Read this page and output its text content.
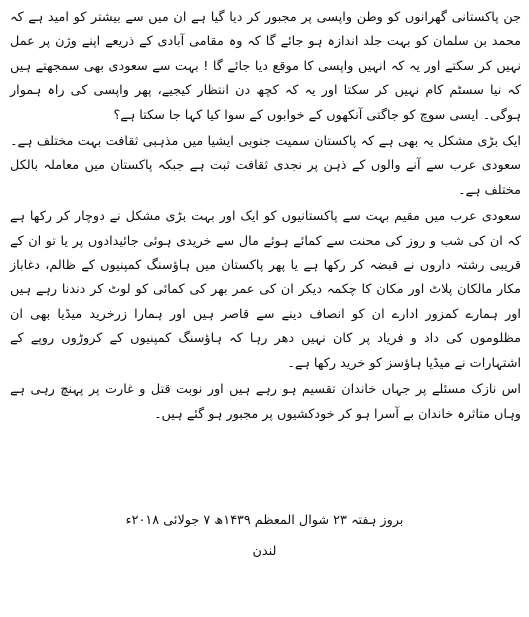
جن پاکستانی گھرانوں کو وطن واپسی پر مجبور کر دیا گیا ہے ان میں سے بیشتر کو امید ہے کہ محمد بن سلمان کو بہت جلد اندازہ ہو جائے گا کہ وہ مقامی آبادی کے ذریعے اپنے وژن پر عمل نہیں کر سکتے اور یہ کہ انہیں واپسی کا موقع دیا جائے گا ! بہت سے سعودی بھی سمجھتے ہیں کہ نیا سسٹم کام نہیں کر سکتا اور یہ کہ کچھ دن انتظار کیجیے، پھر واپسی کی راہ ہموار ہوگی۔ ایسی سوچ کو جاگتی آنکھوں کے خوابوں کے سوا کیا کہا جا سکتا ہے؟

ایک بڑی مشکل یہ بھی ہے کہ پاکستان سمیت جنوبی ایشیا میں مذہبی ثقافت بہت مختلف ہے۔ سعودی عرب سے آنے والوں کے ذہن پر نجدی ثقافت ثبت ہے جبکہ پاکستان میں معاملہ بالکل مختلف ہے۔

سعودی عرب میں مقیم بہت سے پاکستانیوں کو ایک اور بہت بڑی مشکل نے دوچار کر رکھا ہے کہ ان کی شب و روز کی محنت سے کمائے ہوئے مال سے خریدی ہوئی جائیدادوں پر یا تو ان کے قریبی رشتہ داروں نے قبضہ کر رکھا ہے یا پھر پاکستان میں ہاؤسنگ کمپنیوں کے ظالم، دغاباز مکار مالکان پلاٹ اور مکان کا چکمہ دیکر ان کی عمر بھر کی کمائی کو لوٹ کر دندنا رہے ہیں اور ہمارے کمزور ادارے ان کو انصاف دینے سے قاصر ہیں اور ہمارا زرخرید میڈیا بھی ان مظلوموں کی داد و فریاد پر کان نہیں دھر رہا کہ ہاؤسنگ کمپنیوں کے کروڑوں روپے کے اشتہارات نے میڈیا ہاؤسز کو خرید رکھا ہے۔

اس نازک مسئلے پر جہاں خاندان تقسیم ہو رہے ہیں اور نوبت قتل و غارت پر پہنچ رہی ہے وہاں متاثرہ خاندان بے آسرا ہو کر خودکشیوں پر مجبور ہو گئے ہیں۔

بروز ہفتہ ۲۳ شوال المعظم ۱۴۳۹ھ ۷ جولائی ۲۰۱۸ء
لندن
